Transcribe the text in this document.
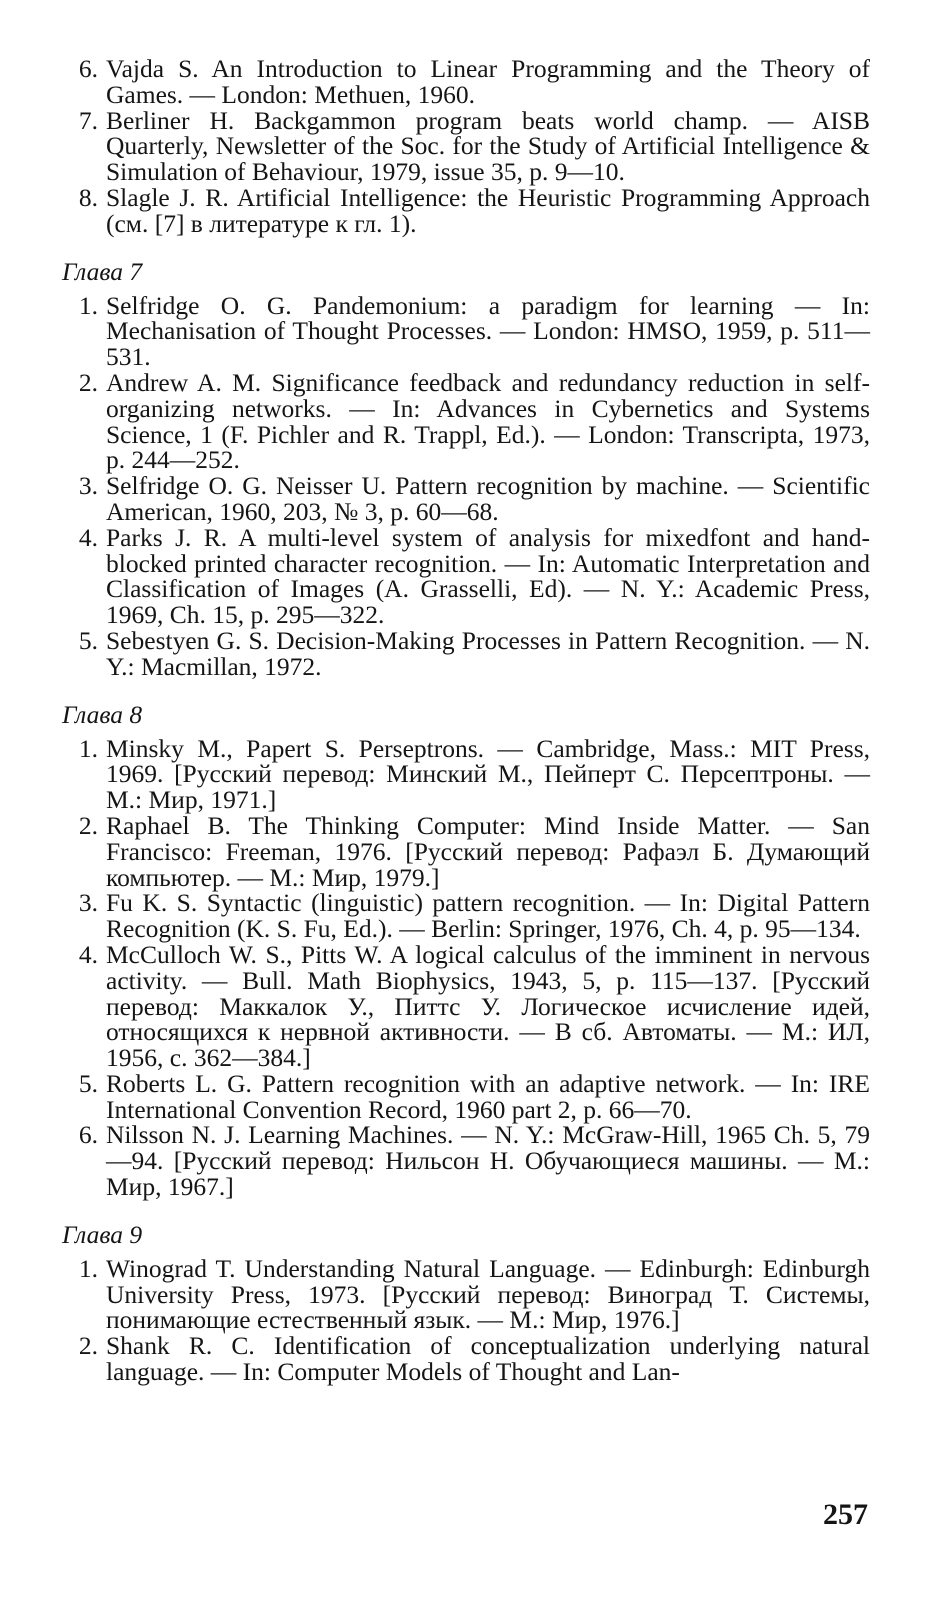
6. Vajda S. An Introduction to Linear Programming and the Theory of Games. — London: Methuen, 1960.

7. Berliner H. Backgammon program beats world champ. — AISB Quarterly, Newsletter of the Soc. for the Study of Artificial Intelligence & Simulation of Behaviour, 1979, issue 35, p. 9—10.

8. Slagle J. R. Artificial Intelligence: the Heuristic Programming Approach (см. [7] в литературе к гл. 1).

Глава 7

1. Selfridge O. G. Pandemonium: a paradigm for learning — In: Mechanisation of Thought Processes. — London: HMSO, 1959, p. 511—531.

2. Andrew A. M. Significance feedback and redundancy reduction in self-organizing networks. — In: Advances in Cybernetics and Systems Science, 1 (F. Pichler and R. Trappl, Ed.). — London: Transcripta, 1973, p. 244—252.

3. Selfridge O. G. Neisser U. Pattern recognition by machine. — Scientific American, 1960, 203, № 3, p. 60—68.

4. Parks J. R. A multi-level system of analysis for mixedfont and hand-blocked printed character recognition. — In: Automatic Interpretation and Classification of Images (A. Grasselli, Ed). — N. Y.: Academic Press, 1969, Ch. 15, p. 295—322.

5. Sebestyen G. S. Decision-Making Processes in Pattern Recognition. — N. Y.: Macmillan, 1972.

Глава 8

1. Minsky M., Papert S. Perseptrons. — Cambridge, Mass.: MIT Press, 1969. [Русский перевод: Минский М., Пейперт С. Персептроны. — М.: Мир, 1971.]

2. Raphael B. The Thinking Computer: Mind Inside Matter. — San Francisco: Freeman, 1976. [Русский перевод: Рафаэл Б. Думающий компьютер. — М.: Мир, 1979.]

3. Fu K. S. Syntactic (linguistic) pattern recognition. — In: Digital Pattern Recognition (K. S. Fu, Ed.). — Berlin: Springer, 1976, Ch. 4, p. 95—134.

4. McCulloch W. S., Pitts W. A logical calculus of the imminent in nervous activity. — Bull. Math Biophysics, 1943, 5, p. 115—137. [Русский перевод: Маккалок У., Питтс У. Логическое исчисление идей, относящихся к нервной активности. — В сб. Автоматы. — М.: ИЛ, 1956, с. 362—384.]

5. Roberts L. G. Pattern recognition with an adaptive network. — In: IRE International Convention Record, 1960 part 2, p. 66—70.

6. Nilsson N. J. Learning Machines. — N. Y.: McGraw-Hill, 1965 Ch. 5, 79—94. [Русский перевод: Нильсон Н. Обучающиеся машины. — М.: Мир, 1967.]

Глава 9

1. Winograd T. Understanding Natural Language. — Edinburgh: Edinburgh University Press, 1973. [Русский перевод: Виноград Т. Системы, понимающие естественный язык. — М.: Мир, 1976.]

2. Shank R. C. Identification of conceptualization underlying natural language. — In: Computer Models of Thought and Lan-

257
